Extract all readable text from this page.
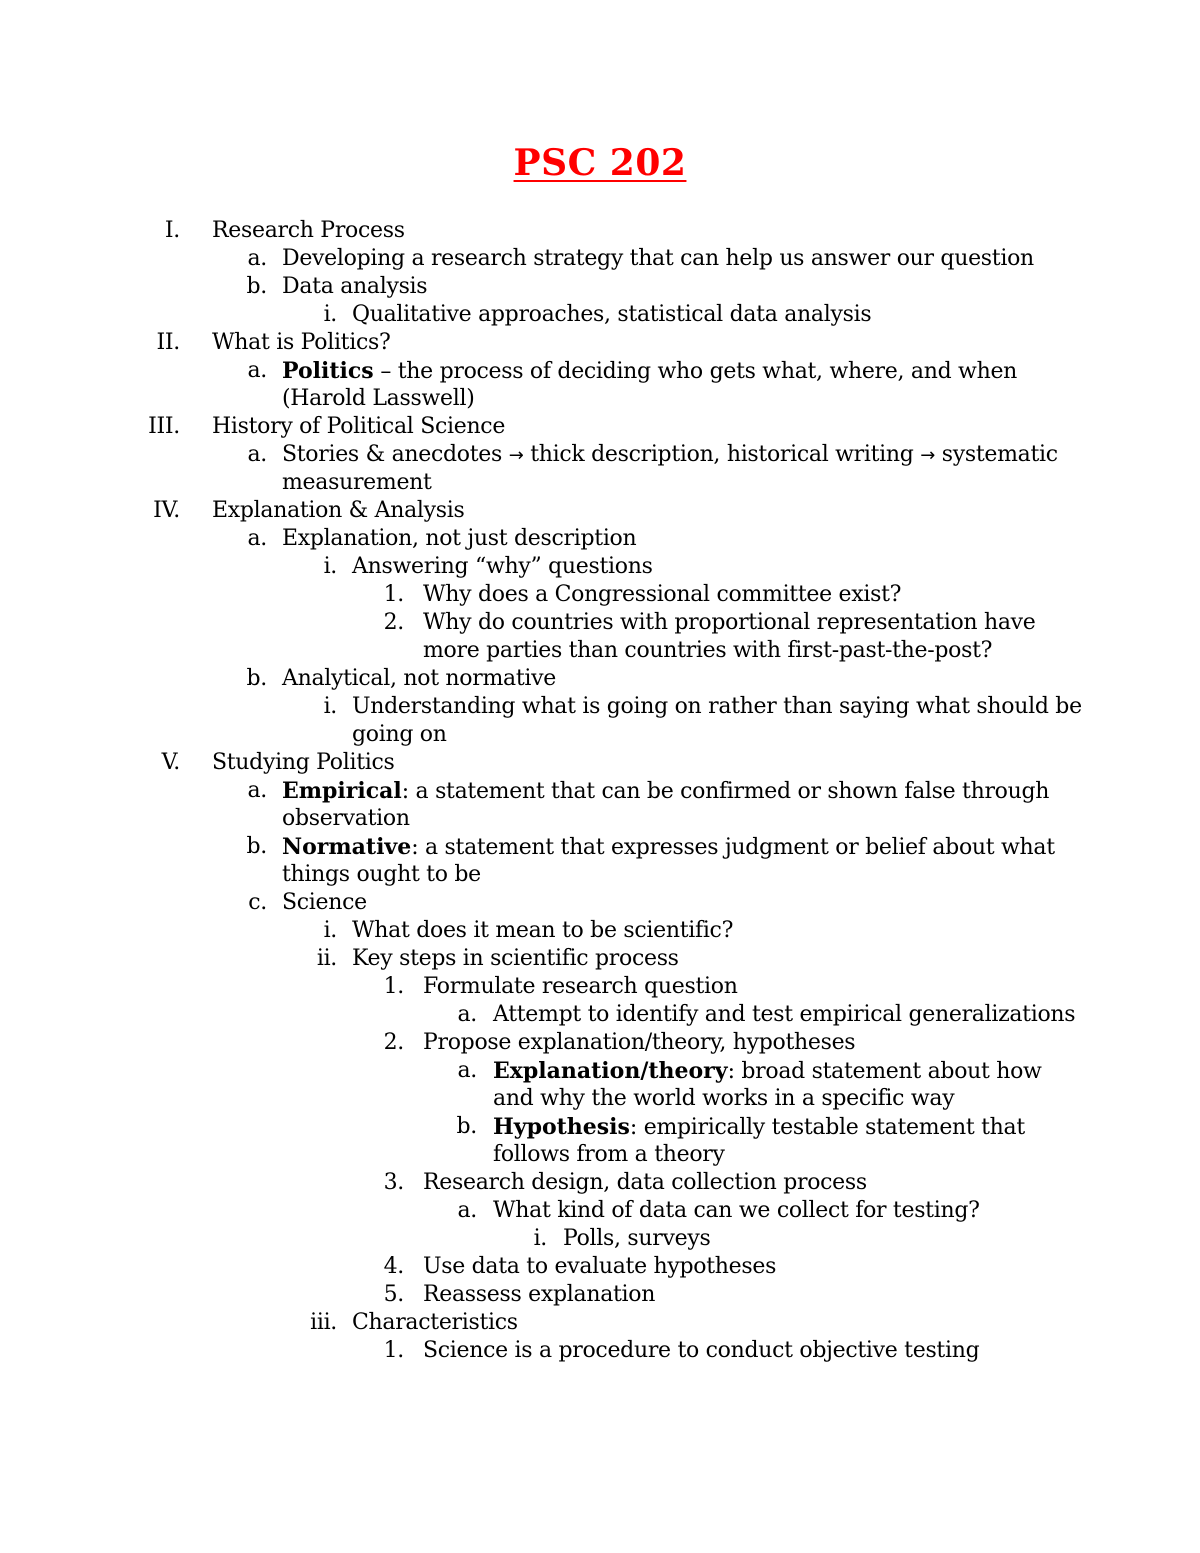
PSC 202
I. Research Process
a. Developing a research strategy that can help us answer our question
b. Data analysis
i. Qualitative approaches, statistical data analysis
II. What is Politics?
a. Politics – the process of deciding who gets what, where, and when
(Harold Lasswell)
III. History of Political Science
a. Stories & anecdotes → thick description, historical writing → systematic
measurement
IV. Explanation & Analysis
a. Explanation, not just description
i. Answering “why” questions
1. Why does a Congressional committee exist?
2. Why do countries with proportional representation have
more parties than countries with first-past-the-post?
b. Analytical, not normative
i. Understanding what is going on rather than saying what should be
going on
V. Studying Politics
a. Empirical: a statement that can be confirmed or shown false through
observation
b. Normative: a statement that expresses judgment or belief about what
things ought to be
c. Science
i. What does it mean to be scientific?
ii. Key steps in scientific process
1. Formulate research question
a. Attempt to identify and test empirical generalizations
2. Propose explanation/theory, hypotheses
a. Explanation/theory: broad statement about how
and why the world works in a specific way
b. Hypothesis: empirically testable statement that
follows from a theory
3. Research design, data collection process
a. What kind of data can we collect for testing?
i. Polls, surveys
4. Use data to evaluate hypotheses
5. Reassess explanation
iii. Characteristics
1. Science is a procedure to conduct objective testing
